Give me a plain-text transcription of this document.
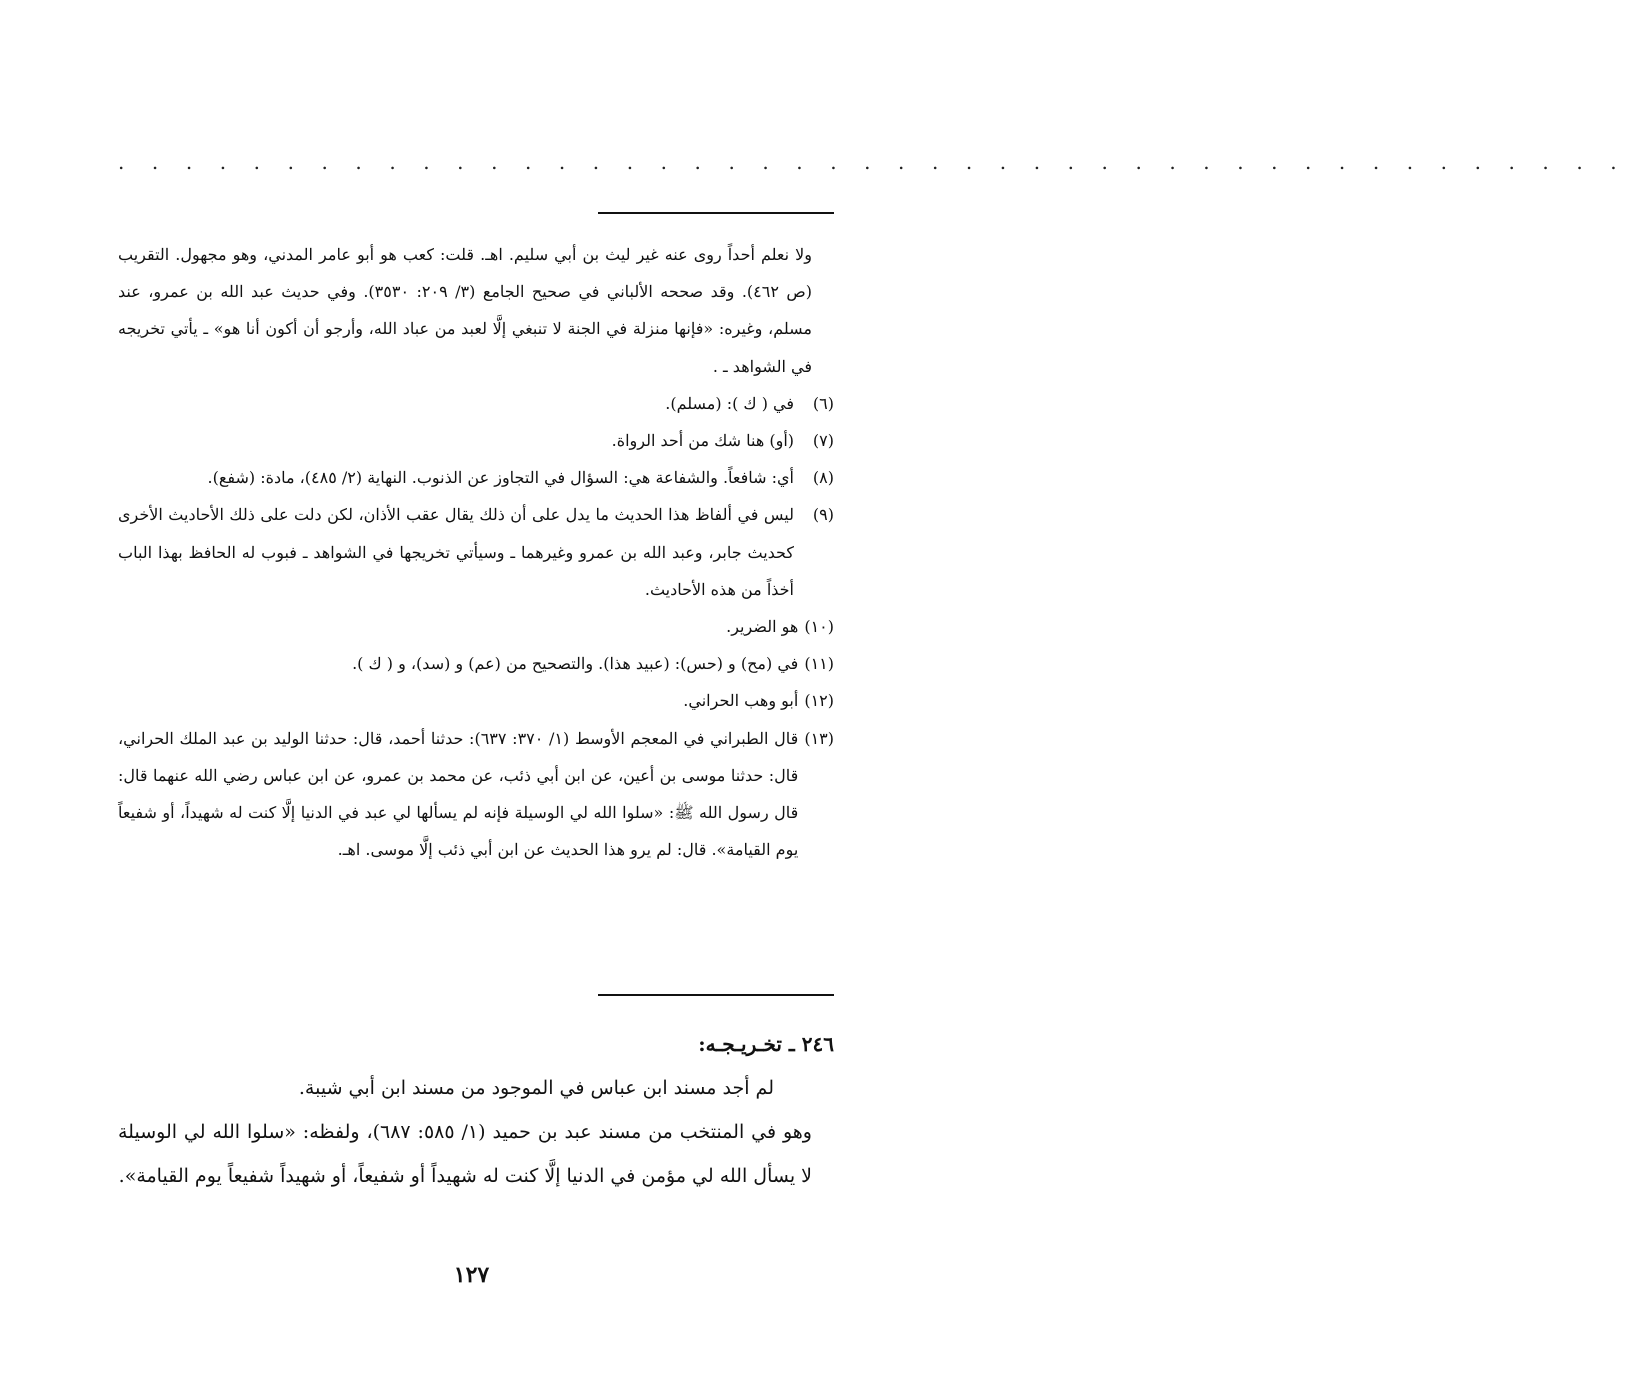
. . . . . . . . . . . . . . . . . . . . . . . . . . . . . . . . . . . . . . . . . . . . .

ولا نعلم أحداً روى عنه غير ليث بن أبي سليم. اهـ. قلت: كعب هو أبو عامر المدني، وهو مجهول. التقريب (ص ٤٦٢). وقد صححه الألباني في صحيح الجامع (٣/ ٢٠٩: ٣٥٣٠). وفي حديث عبد الله بن عمرو، عند مسلم، وغيره: «فإنها منزلة في الجنة لا تنبغي إلَّا لعبد من عباد الله، وأرجو أن أكون أنا هو» ـ يأتي تخريجه في الشواهد ـ .

(٦)
في ( ك ): (مسلم).
(٧)
(أو) هنا شك من أحد الرواة.
(٨)
أي: شافعاً. والشفاعة هي: السؤال في التجاوز عن الذنوب. النهاية (٢/ ٤٨٥)، مادة: (شفع).
(٩)
ليس في ألفاظ هذا الحديث ما يدل على أن ذلك يقال عقب الأذان، لكن دلت على ذلك الأحاديث الأخرى كحديث جابر، وعبد الله بن عمرو وغيرهما ـ وسيأتي تخريجها في الشواهد ـ فبوب له الحافظ بهذا الباب أخذاً من هذه الأحاديث.
(١٠)
هو الضرير.
(١١)
في (مح) و (حس): (عبيد هذا). والتصحيح من (عم) و (سد)، و ( ك ).
(١٢)
أبو وهب الحراني.
(١٣)
قال الطبراني في المعجم الأوسط (١/ ٣٧٠: ٦٣٧): حدثنا أحمد، قال: حدثنا الوليد بن عبد الملك الحراني، قال: حدثنا موسى بن أعين، عن ابن أبي ذئب، عن محمد بن عمرو، عن ابن عباس رضي الله عنهما قال: قال رسول الله ﷺ: «سلوا الله لي الوسيلة فإنه لم يسألها لي عبد في الدنيا إلَّا كنت له شهيداً، أو شفيعاً يوم القيامة». قال: لم يرو هذا الحديث عن ابن أبي ذئب إلَّا موسى. اهـ.

٢٤٦ ـ تخـريـجـه:

لم أجد مسند ابن عباس في الموجود من مسند ابن أبي شيبة.

وهو في المنتخب من مسند عبد بن حميد (١/ ٥٨٥: ٦٨٧)، ولفظه: «سلوا الله لي الوسيلة لا يسأل الله لي مؤمن في الدنيا إلَّا كنت له شهيداً أو شفيعاً، أو شهيداً شفيعاً يوم القيامة».

١٢٧
